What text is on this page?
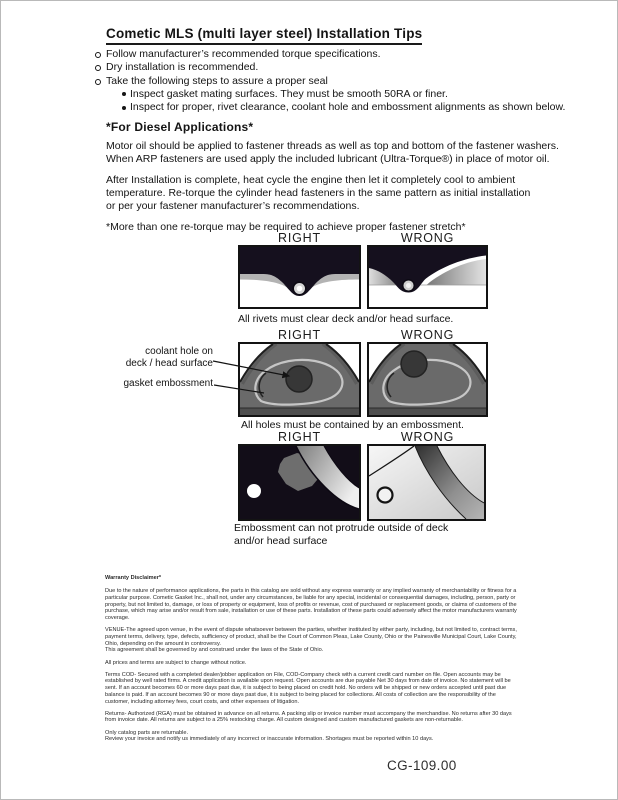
Cometic MLS (multi layer steel) Installation Tips
Follow manufacturer’s recommended torque specifications.
Dry installation is recommended.
Take the following steps to assure a proper seal
Inspect gasket mating surfaces. They must be smooth 50RA or finer.
Inspect for proper, rivet clearance, coolant hole and embossment alignments as shown below.
*For Diesel Applications*
Motor oil should be applied to fastener threads as well as top and bottom of the fastener washers.
When ARP fasteners are used apply the included lubricant (Ultra-Torque®) in place of motor oil.
After Installation is complete, heat cycle the engine then let it completely cool to ambient
temperature. Re-torque the cylinder head fasteners in the same pattern as initial installation
or per your fastener manufacturer’s recommendations.
*More than one re-torque may be required to achieve proper fastener stretch*
RIGHT	WRONG
All rivets must clear deck and/or head surface.
RIGHT	WRONG
coolant hole on
deck / head surface
gasket embossment
All holes must be contained by an embossment.
RIGHT	WRONG
Embossment can not protrude outside of deck
and/or head surface
Warranty Disclaimer*
Due to the nature of performance applications, the parts in this catalog are sold without any express warranty or any implied warranty of merchantability or fitness for a particular purpose. Cometic Gasket Inc., shall not, under any circumstances, be liable for any special, incidental or consequential damages, including, person, party or property, but not limited to, damage, or loss of property or equipment, loss of profits or revenue, cost of purchased or replacement goods, or claims of customers of the purchase, which may arise and/or result from sale, installation or use of these parts. Installation of these parts could adversely affect the motor manufacturers warranty coverage.
VENUE-The agreed upon venue, in the event of dispute whatsoever between the parties, whether instituted by either party, including, but not limited to, contract terms, payment terms, delivery, type, defects, sufficiency of product, shall be the Court of Common Pleas, Lake County, Ohio or the Painesville Municipal Court, Lake County, Ohio, depending on the amount in controversy.
This agreement shall be governed by and construed under the laws of the State of Ohio.
All prices and terms are subject to change without notice.
Terms COD- Secured with a completed dealer/jobber application on File, COD-Company check with a current credit card number on file. Open accounts may be established by well rated firms. A credit application is available upon request. Open accounts are due payable Net 30 days from date of invoice. No statement will be sent. If an account becomes 60 or more days past due, it is subject to being placed on credit hold. No orders will be shipped or new orders accepted until past due balance is paid. If an account becomes 90 or more days past due, it is subject to being placed for collections. All costs of collection are the responsibility of the customer, including attorney fees, court costs, and other expenses of litigation.
Returns- Authorized (RGA) must be obtained in advance on all returns. A packing slip or invoice number must accompany the merchandise. No returns after 30 days from invoice date. All returns are subject to a 25% restocking charge. All custom designed and custom manufactured gaskets are non-returnable.
Only catalog parts are returnable.
Review your invoice and notify us immediately of any incorrect or inaccurate information. Shortages must be reported within 10 days.
CG-109.00
